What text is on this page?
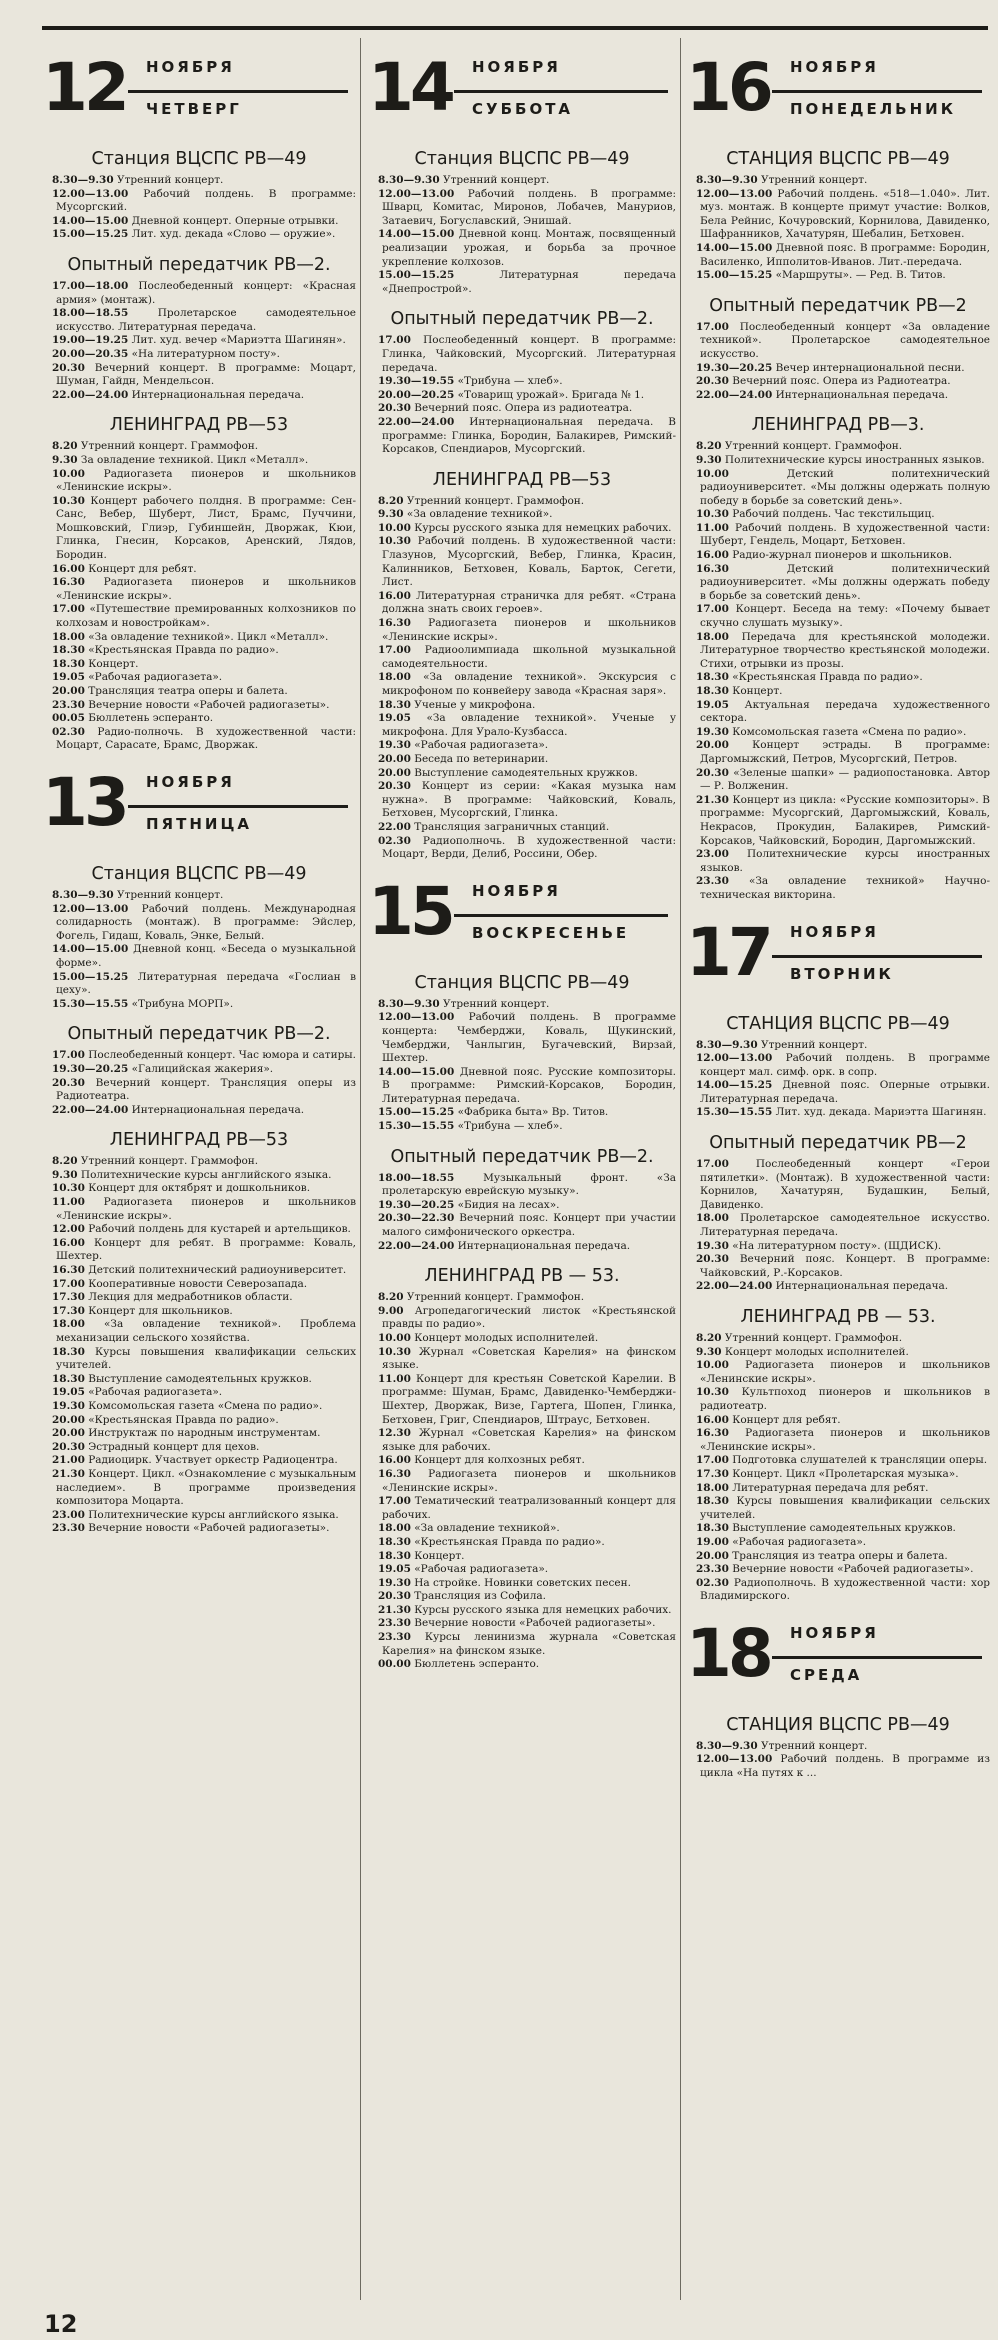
12 НОЯБРЯ
ЧЕТВЕРГ
Станция ВЦСПС РВ—49

8.30—9.30 Утренний концерт.

12.00—13.00 Рабочий полдень. В программе: Мусоргский.

14.00—15.00 Дневной концерт. Оперные отрывки.

15.00—15.25 Лит. худ. декада «Слово — оружие».

Опытный передатчик РВ—2.

17.00—18.00 Послеобеденный концерт: «Красная армия» (монтаж).

18.00—18.55	Пролетарское самодеятельное искусство. Литературная передача.

19.00—19.25 Лит. худ. вечер «Мариэтта Шагинян».

20.00—20.35 «На литературном посту».

20.30 Вечерний концерт. В программе: Моцарт, Шуман, Гайдн, Мендельсон.

22.00—24.00 Интернациональная передача.

ЛЕНИНГРАД РВ—53

8.20 Утренний концерт. Граммофон.

9.30 За овладение техникой. Цикл «Металл».

10.00 Радиогазета пионеров и школьников «Ленинские искры».

10.30 Концерт рабочего полдня. В программе: Сен-Санс, Вебер, Шуберт, Лист, Брамс, Пуччини, Мошковский, Глиэр, Губиншейн, Дворжак, Кюи, Глинка, Гнесин, Корсаков, Аренский, Лядов, Бородин.

16.00 Концерт для ребят.

16.30 Радиогазета пионеров и школьников «Ленинские искры».

17.00 «Путешествие премированных колхозников по колхозам и новостройкам».

18.00 «За овладение техникой». Цикл «Металл».

18.30 «Крестьянская Правда по радио».

18.30 Концерт.

19.05 «Рабочая радиогазета».

20.00 Трансляция театра оперы и балета.

23.30 Вечерние новости «Рабочей радиогазеты».

00.05 Бюллетень эсперанто.

02.30 Радио-полночь. В художественной части: Моцарт, Сарасате, Брамс, Дворжак.

13 НОЯБРЯ
ПЯТНИЦА
Станция ВЦСПС РВ—49

8.30—9.30 Утренний концерт.

12.00—13.00 Рабочий полдень. Международная солидарность (монтаж). В программе: Эйслер, Фогель, Гидаш, Коваль, Энке, Белый.

14.00—15.00 Дневной конц. «Беседа о музыкальной форме».

15.00—15.25 Литературная передача «Гослиан в цеху».

15.30—15.55 «Трибуна МОРП».

Опытный передатчик РВ—2.

17.00 Послеобеденный концерт. Час юмора и сатиры.

19.30—20.25 «Галицийская жакерия».

20.30 Вечерний концерт. Трансляция оперы из Радиотеатра.

22.00—24.00 Интернациональная передача.

ЛЕНИНГРАД РВ—53

8.20 Утренний концерт. Граммофон.

9.30 Политехнические курсы английского языка.

10.30 Концерт для октябрят и дошкольников.

11.00 Радиогазета пионеров и школьников «Ленинские искры».

12.00 Рабочий полдень для кустарей и артельщиков.

16.00 Концерт для ребят. В программе: Коваль, Шехтер.

16.30 Детский политехнический радиоуниверситет.

17.00 Кооперативные новости Северозапада.

17.30 Лекция для медработников области.

17.30 Концерт для школьников.

18.00 «За овладение техникой». Проблема механизации сельского хозяйства.

18.30 Курсы повышения квалификации сельских учителей.

18.30 Выступление самодеятельных кружков.

19.05 «Рабочая радиогазета».

19.30 Комсомольская газета «Смена по радио».

20.00 «Крестьянская Правда по радио».

20.00 Инструктаж по народным инструментам.

20.30 Эстрадный концерт для цехов.

21.00 Радиоцирк. Участвует оркестр Радиоцентра.

21.30 Концерт. Цикл. «Ознакомление с музыкальным наследием». В программе произведения композитора Моцарта.

23.00 Политехнические курсы английского языка.

23.30 Вечерние новости «Рабочей радиогазеты».

14 НОЯБРЯ
СУББОТА
Станция ВЦСПС РВ—49

8.30—9.30 Утренний концерт.

12.00—13.00 Рабочий полдень. В программе: Шварц, Комитас, Миронов, Лобачев, Мануриов, Затаевич, Богуславский, Энишай.

14.00—15.00 Дневной конц. Монтаж, посвященный реализации урожая, и борьба за прочное укрепление колхозов.

15.00—15.25	Литературная передача «Днепрострой».

Опытный передатчик РВ—2.

17.00 Послеобеденный концерт. В программе: Глинка, Чайковский, Мусоргский. Литературная передача.

19.30—19.55 «Трибуна — хлеб».

20.00—20.25 «Товарищ урожай». Бригада № 1.

20.30 Вечерний пояс. Опера из радиотеатра.

22.00—24.00 Интернациональная передача. В программе: Глинка, Бородин, Балакирев, Римский-Корсаков, Спендиаров, Мусоргский.

ЛЕНИНГРАД РВ—53

8.20 Утренний концерт. Граммофон.

9.30 «За овладение техникой».

10.00 Курсы русского языка для немецких рабочих.

10.30 Рабочий полдень. В художественной части: Глазунов, Мусоргский, Вебер, Глинка, Красин, Калинников, Бетховен, Коваль, Барток, Сегети, Лист.

16.00 Литературная страничка для ребят. «Страна должна знать своих героев».

16.30 Радиогазета пионеров и школьников «Ленинские искры».

17.00 Радиоолимпиада школьной музыкальной самодеятельности.

18.00 «За овладение техникой». Экскурсия с микрофоном по конвейеру завода «Красная заря».

18.30 Ученые у микрофона.

19.05 «За овладение техникой». Ученые у микрофона. Для Урало-Кузбасса.

19.30 «Рабочая радиогазета».

20.00 Беседа по ветеринарии.

20.00 Выступление самодеятельных кружков.

20.30 Концерт из серии: «Какая музыка нам нужна». В программе: Чайковский, Коваль, Бетховен, Мусоргский, Глинка.

22.00 Трансляция заграничных станций.

02.30 Радиополночь. В художественной части: Моцарт, Верди, Делиб, Россини, Обер.

15 НОЯБРЯ
ВОСКРЕСЕНЬЕ
Станция ВЦСПС РВ—49

8.30—9.30 Утренний концерт.

12.00—13.00 Рабочий полдень. В программе концерта: Чемберджи, Коваль, Щукинский, Чемберджи, Чанлыгин, Бугачевский, Вирзай, Шехтер.

14.00—15.00 Дневной пояс. Русские композиторы. В программе: Римский-Корсаков, Бородин, Литературная передача.

15.00—15.25 «Фабрика быта» Вр. Титов.

15.30—15.55 «Трибуна — хлеб».

Опытный передатчик РВ—2.

18.00—18.55	Музыкальный фронт. «За пролетарскую еврейскую музыку».

19.30—20.25 «Бидия на лесах».

20.30—22.30 Вечерний пояс. Концерт при участии малого симфонического оркестра.

22.00—24.00 Интернациональная передача.

ЛЕНИНГРАД РВ — 53.

8.20 Утренний концерт. Граммофон.

9.00 Агропедагогический листок «Крестьянской правды по радио».

10.00 Концерт молодых исполнителей.

10.30 Журнал «Советская Карелия» на финском языке.

11.00 Концерт для крестьян Советской Карелии. В программе: Шуман, Брамс, Давиденко-Чемберджи-Шехтер, Дворжак, Визе, Гартега, Шопен, Глинка, Бетховен, Григ, Спендиаров, Штраус, Бетховен.

12.30 Журнал «Советская Карелия» на финском языке для рабочих.

16.00 Концерт для колхозных ребят.

16.30 Радиогазета пионеров и школьников «Ленинские искры».

17.00 Тематический театрализованный концерт для рабочих.

18.00 «За овладение техникой».

18.30 «Крестьянская Правда по радио».

18.30 Концерт.

19.05 «Рабочая радиогазета».

19.30 На стройке. Новинки советских песен.

20.30 Трансляция из Софила.

21.30 Курсы русского языка для немецких рабочих.

23.30 Вечерние новости «Рабочей радиогазеты».

23.30 Курсы ленинизма журнала «Советская Карелия» на финском языке.

00.00 Бюллетень эсперанто.

16 НОЯБРЯ
ПОНЕДЕЛЬНИК
СТАНЦИЯ ВЦСПС РВ—49

8.30—9.30 Утренний концерт.

12.00—13.00 Рабочий полдень. «518—1.040». Лит. муз. монтаж. В концерте примут участие: Волков, Бела Рейнис, Кочуровский, Корнилова, Давиденко, Шафранников, Хачатурян, Шебалин, Бетховен.

14.00—15.00 Дневной пояс. В программе: Бородин, Василенко, Ипполитов-Иванов. Лит.-передача.

15.00—15.25 «Маршруты». — Ред. В. Титов.

Опытный передатчик РВ—2

17.00 Послеобеденный концерт «За овладение техникой». Пролетарское самодеятельное искусство.

19.30—20.25 Вечер интернациональной песни.

20.30 Вечерний пояс. Опера из Радиотеатра.

22.00—24.00 Интернациональная передача.

ЛЕНИНГРАД РВ—3.

8.20 Утренний концерт. Граммофон.

9.30 Политехнические курсы иностранных языков.

10.00	Детский политехнический радиоуниверситет. «Мы должны одержать полную победу в борьбе за советский день».

10.30 Рабочий полдень. Час текстильщиц.

11.00 Рабочий полдень. В художественной части: Шуберт, Гендель, Моцарт, Бетховен.

16.00 Радио-журнал пионеров и школьников.

16.30	Детский политехнический радиоуниверситет. «Мы должны одержать победу в борьбе за советский день».

17.00 Концерт. Беседа на тему: «Почему бывает скучно слушать музыку».

18.00 Передача для крестьянской молодежи. Литературное творчество крестьянской молодежи. Стихи, отрывки из прозы.

18.30 «Крестьянская Правда по радио».

18.30 Концерт.

19.05 Актуальная передача художественного сектора.

19.30 Комсомольская газета «Смена по радио».

20.00 Концерт эстрады. В программе: Даргомыжский, Петров, Мусоргский, Петров.

20.30 «Зеленые шапки» — радиопостановка. Автор — Р. Волженин.

21.30 Концерт из цикла: «Русские композиторы». В программе: Мусоргский, Даргомыжский, Коваль, Некрасов, Прокудин, Балакирев, Римский-Корсаков, Чайковский, Бородин, Даргомыжский.

23.00 Политехнические курсы иностранных языков.

23.30 «За овладение техникой» Научно-техническая викторина.

17 НОЯБРЯ
ВТОРНИК
СТАНЦИЯ ВЦСПС РВ—49

8.30—9.30 Утренний концерт.

12.00—13.00 Рабочий полдень. В программе концерт мал. симф. орк. в сопр.

14.00—15.25 Дневной пояс. Оперные отрывки. Литературная передача.

15.30—15.55 Лит. худ. декада. Мариэтта Шагинян.

Опытный передатчик РВ—2

17.00	Послеобеденный концерт «Герои пятилетки». (Монтаж). В художественной части: Корнилов, Хачатурян, Будашкин, Белый, Давиденко.

18.00 Пролетарское самодеятельное искусство. Литературная передача.

19.30 «На литературном посту». (ЩДИСК).

20.30 Вечерний пояс. Концерт. В программе: Чайковский, Р.-Корсаков.

22.00—24.00 Интернациональная передача.

ЛЕНИНГРАД РВ — 53.

8.20 Утренний концерт. Граммофон.

9.30 Концерт молодых исполнителей.

10.00 Радиогазета пионеров и школьников «Ленинские искры».

10.30 Культпоход пионеров и школьников в радиотеатр.

16.00 Концерт для ребят.

16.30 Радиогазета пионеров и школьников «Ленинские искры».

17.00 Подготовка слушателей к трансляции оперы.

17.30 Концерт. Цикл «Пролетарская музыка».

18.00 Литературная передача для ребят.

18.30 Курсы повышения квалификации сельских учителей.

18.30 Выступление самодеятельных кружков.

19.00 «Рабочая радиогазета».

20.00 Трансляция из театра оперы и балета.

23.30 Вечерние новости «Рабочей радиогазеты».

02.30 Радиополночь. В художественной части: хор Владимирского.

18 НОЯБРЯ
СРЕДА
СТАНЦИЯ ВЦСПС РВ—49

8.30—9.30 Утренний концерт.

12.00—13.00 Рабочий полдень. В программе из цикла «На путях к ...

12
